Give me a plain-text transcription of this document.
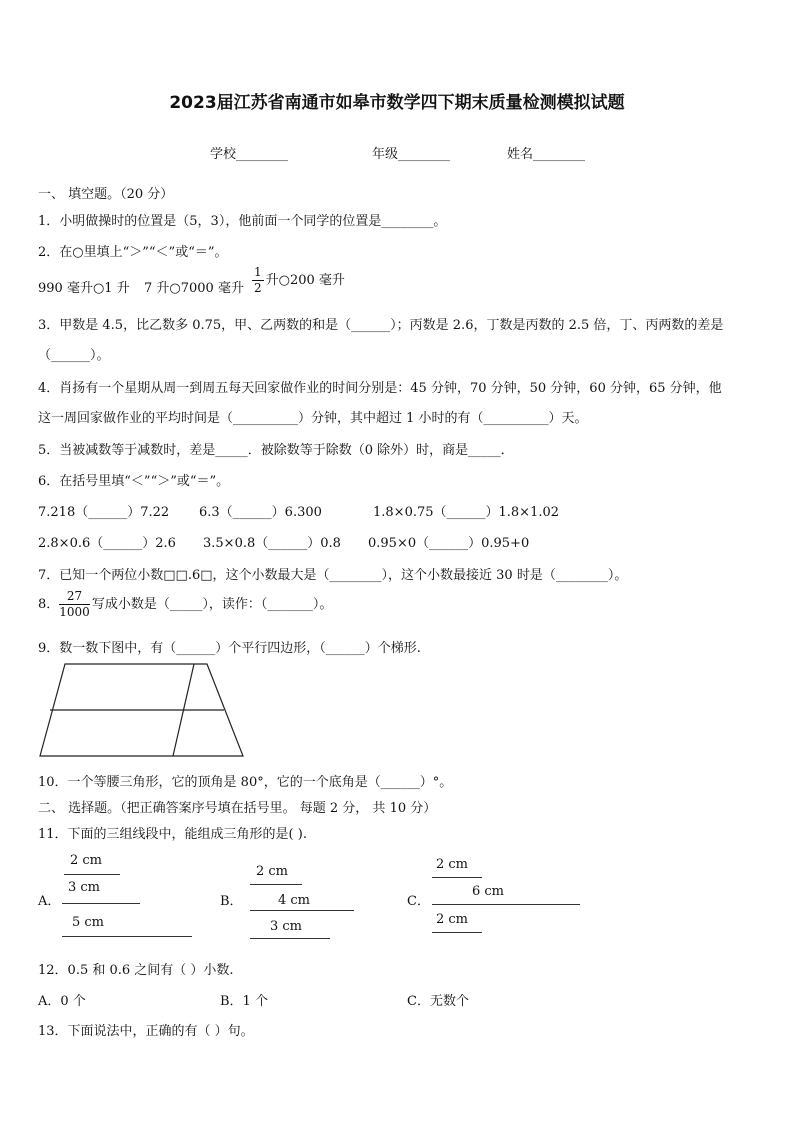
2023届江苏省南通市如皋市数学四下期末质量检测模拟试题
学校________	年级________	姓名________
一、 填空题。（20 分）
1．小明做操时的位置是（5，3），他前面一个同学的位置是________。
2．在○里填上“＞”“＜”或“＝”。
990 毫升○1 升 7 升○7000 毫升 $\frac{1}{2}$ 升○200 毫升
3．甲数是 4.5，比乙数多 0.75，甲、乙两数的和是（______）；丙数是 2.6，丁数是丙数的 2.5 倍，丁、丙两数的差是
（______）。
4．肖扬有一个星期从周一到周五每天回家做作业的时间分别是：45 分钟，70 分钟，50 分钟，60 分钟，65 分钟，他
这一周回家做作业的平均时间是（__________）分钟，其中超过 1 小时的有（__________）天。
5．当被减数等于减数时，差是_____．被除数等于除数（0 除外）时，商是_____．
6．在括号里填“＜”“＞”或“＝”。
7.218（______）7.22 6.3（______）6.300	1.8×0.75（______）1.8×1.02
2.8×0.6（______）2.6 3.5×0.8（______）0.8 0.95×0（______）0.95+0
7．已知一个两位小数□□.6□，这个小数最大是（________），这个小数最接近 30 时是（________）。
8． $\frac{27}{1000}$ 写成小数是（_____），读作：（_______）。
9．数一数下图中，有（______）个平行四边形，（______）个梯形.
10．一个等腰三角形，它的顶角是 80°，它的一个底角是（______）°。
二、 选择题。（把正确答案序号填在括号里。 每题 2 分， 共 10 分）
11．下面的三组线段中，能组成三角形的是( ).
A．
2 cm
3 cm
5 cm
B．
2 cm
4 cm
3 cm
C．
2 cm
6 cm
2 cm
12．0.5 和 0.6 之间有（ ）小数.
A．0 个	B．1 个	C．无数个
13．下面说法中，正确的有（ ）句。
